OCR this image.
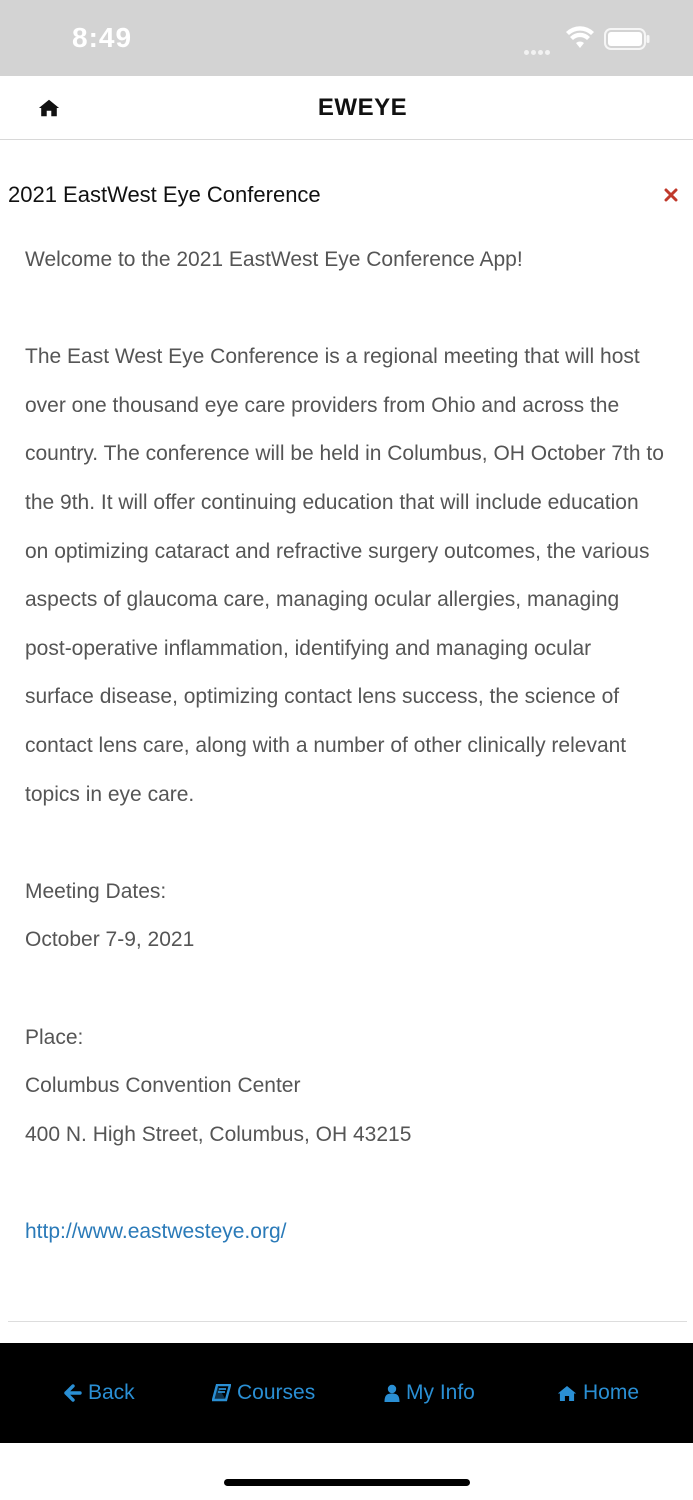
8:49
EWEYE
2021 EastWest Eye Conference

Welcome to the 2021 EastWest Eye Conference App!

The East West Eye Conference is a regional meeting that will host over one thousand eye care providers from Ohio and across the country. The conference will be held in Columbus, OH October 7th to the 9th. It will offer continuing education that will include education on optimizing cataract and refractive surgery outcomes, the various aspects of glaucoma care, managing ocular allergies, managing post-operative inflammation, identifying and managing ocular surface disease, optimizing contact lens success, the science of contact lens care, along with a number of other clinically relevant topics in eye care.

Meeting Dates:

October 7-9, 2021

Place:

Columbus Convention Center

400 N. High Street, Columbus, OH 43215

http://www.eastwesteye.org/

Back	Courses	My Info	Home
